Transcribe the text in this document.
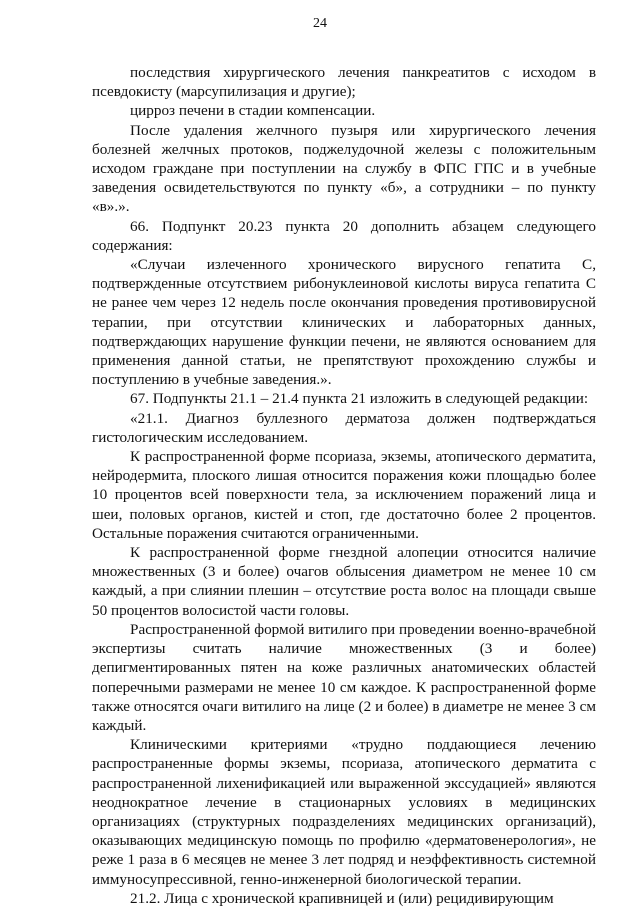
24

последствия хирургического лечения панкреатитов с исходом в псевдокисту (марсупилизация и другие);

цирроз печени в стадии компенсации.

После удаления желчного пузыря или хирургического лечения болезней желчных протоков, поджелудочной железы с положительным исходом граждане при поступлении на службу в ФПС ГПС и в учебные заведения освидетельствуются по пункту «б», а сотрудники – по пункту «в».».

66. Подпункт 20.23 пункта 20 дополнить абзацем следующего содержания:

«Случаи излеченного хронического вирусного гепатита С, подтвержденные отсутствием рибонуклеиновой кислоты вируса гепатита С не ранее чем через 12 недель после окончания проведения противовирусной терапии, при отсутствии клинических и лабораторных данных, подтверждающих нарушение функции печени, не являются основанием для применения данной статьи, не препятствуют прохождению службы и поступлению в учебные заведения.».

67. Подпункты 21.1 – 21.4 пункта 21 изложить в следующей редакции:

«21.1. Диагноз буллезного дерматоза должен подтверждаться гистологическим исследованием.

К распространенной форме псориаза, экземы, атопического дерматита, нейродермита, плоского лишая относится поражения кожи площадью более 10 процентов всей поверхности тела, за исключением поражений лица и шеи, половых органов, кистей и стоп, где достаточно более 2 процентов. Остальные поражения считаются ограниченными.

К распространенной форме гнездной алопеции относится наличие множественных (3 и более) очагов облысения диаметром не менее 10 см каждый, а при слиянии плешин – отсутствие роста волос на площади свыше 50 процентов волосистой части головы.

Распространенной формой витилиго при проведении военно-врачебной экспертизы считать наличие множественных (3 и более) депигментированных пятен на коже различных анатомических областей поперечными размерами не менее 10 см каждое. К распространенной форме также относятся очаги витилиго на лице (2 и более) в диаметре не менее 3 см каждый.

Клиническими критериями «трудно поддающиеся лечению распространенные формы экземы, псориаза, атопического дерматита с распространенной лихенификацией или выраженной экссудацией» являются неоднократное лечение в стационарных условиях в медицинских организациях (структурных подразделениях медицинских организаций), оказывающих медицинскую помощь по профилю «дерматовенерология», не реже 1 раза в 6 месяцев не менее 3 лет подряд и неэффективность системной иммуносупрессивной, генно-инженерной биологической терапии.

21.2. Лица с хронической крапивницей и (или) рецидивирующим
